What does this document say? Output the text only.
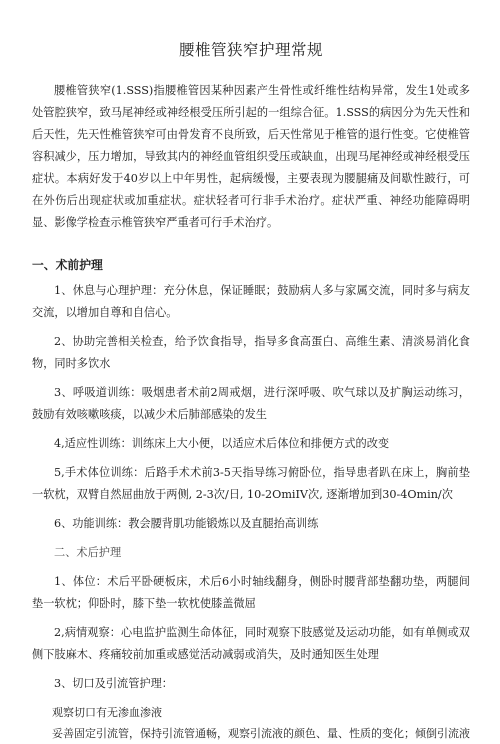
腰椎管狭窄护理常规

腰椎管狭窄(1.SSS)指腰椎管因某种因素产生骨性或纤维性结构异常，发生1处或多处管腔狭窄，致马尾神经或神经根受压所引起的一组综合征。1.SSS的病因分为先天性和后天性，先天性椎管狭窄可由骨发育不良所致，后天性常见于椎管的退行性变。它使椎管容积减少，压力增加，导致其内的神经血管组织受压或缺血，出现马尾神经或神经根受压症状。本病好发于40岁以上中年男性，起病缓慢，主要表现为腰腿痛及间歇性跛行，可在外伤后出现症状或加重症状。症状轻者可行非手术治疗。症状严重、神经功能障碍明显、影像学检查示椎管狭窄严重者可行手术治疗。

一、术前护理

1、休息与心理护理：充分休息，保证睡眠；鼓励病人多与家属交流，同时多与病友交流，以增加自尊和自信心。

2、协助完善相关检查，给予饮食指导，指导多食高蛋白、高维生素、清淡易消化食物，同时多饮水

3、呼吸道训练：吸烟患者术前2周戒烟，进行深呼吸、吹气球以及扩胸运动练习，鼓励有效咳嗽咳痰，以减少术后肺部感染的发生

4,适应性训练：训练床上大小便，以适应术后体位和排便方式的改变

5,手术体位训练：后路手术术前3-5天指导练习俯卧位，指导患者趴在床上，胸前垫一软枕，双臂自然屈曲放于两侧, 2-3次/日, 10-2OmiIV次, 逐渐增加到30-4Omin/次

6、功能训练：教会腰背肌功能锻炼以及直腿抬高训练

二、术后护理

1、体位：术后平卧硬板床，术后6小时轴线翻身，侧卧时腰背部垫翻功垫，两腿间垫一软枕；仰卧时，膝下垫一软枕使膝盖微屈

2,病情观察：心电监护监测生命体征，同时观察下肢感觉及运动功能，如有单侧或双侧下肢麻木、疼痛较前加重或感觉活动减弱或消失，及时通知医生处理

3、切口及引流管护理：

观察切口有无渗血渗液

妥善固定引流管，保持引流管通畅，观察引流液的颜色、量、性质的变化；倾倒引流液
